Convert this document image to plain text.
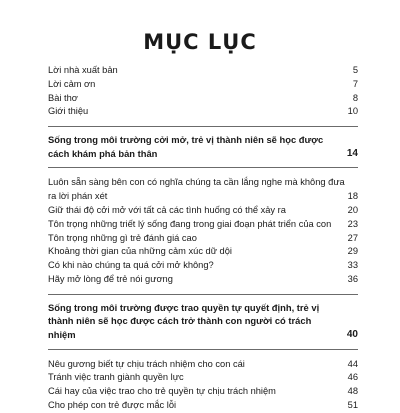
MỤC LỤC
Lời nhà xuất bản	5
Lời cảm ơn	7
Bài thơ	8
Giới thiệu	10
Sống trong môi trường cởi mở, trẻ vị thành niên sẽ học được cách khám phá bản thân	14
Luôn sẵn sàng bên con có nghĩa chúng ta cần lắng nghe mà không đưa
ra lời phán xét	18
Giữ thái độ cởi mở với tất cả các tình huống có thể xảy ra	20
Tôn trọng những triết lý sống đang trong giai đoạn phát triển của con	23
Tôn trọng những gì trẻ đánh giá cao	27
Khoảng thời gian của những cảm xúc dữ dội	29
Có khi nào chúng ta quá cởi mở không?	33
Hãy mở lòng để trẻ nói gương	36
Sống trong môi trường được trao quyền tự quyết định, trẻ vị thành niên sẽ học được cách trở thành con người có trách nhiệm	40
Nêu gương biết tự chịu trách nhiệm cho con cái	44
Tránh việc tranh giành quyền lực	46
Cái hay của việc trao cho trẻ quyền tự chịu trách nhiệm	48
Cho phép con trẻ được mắc lỗi	51
